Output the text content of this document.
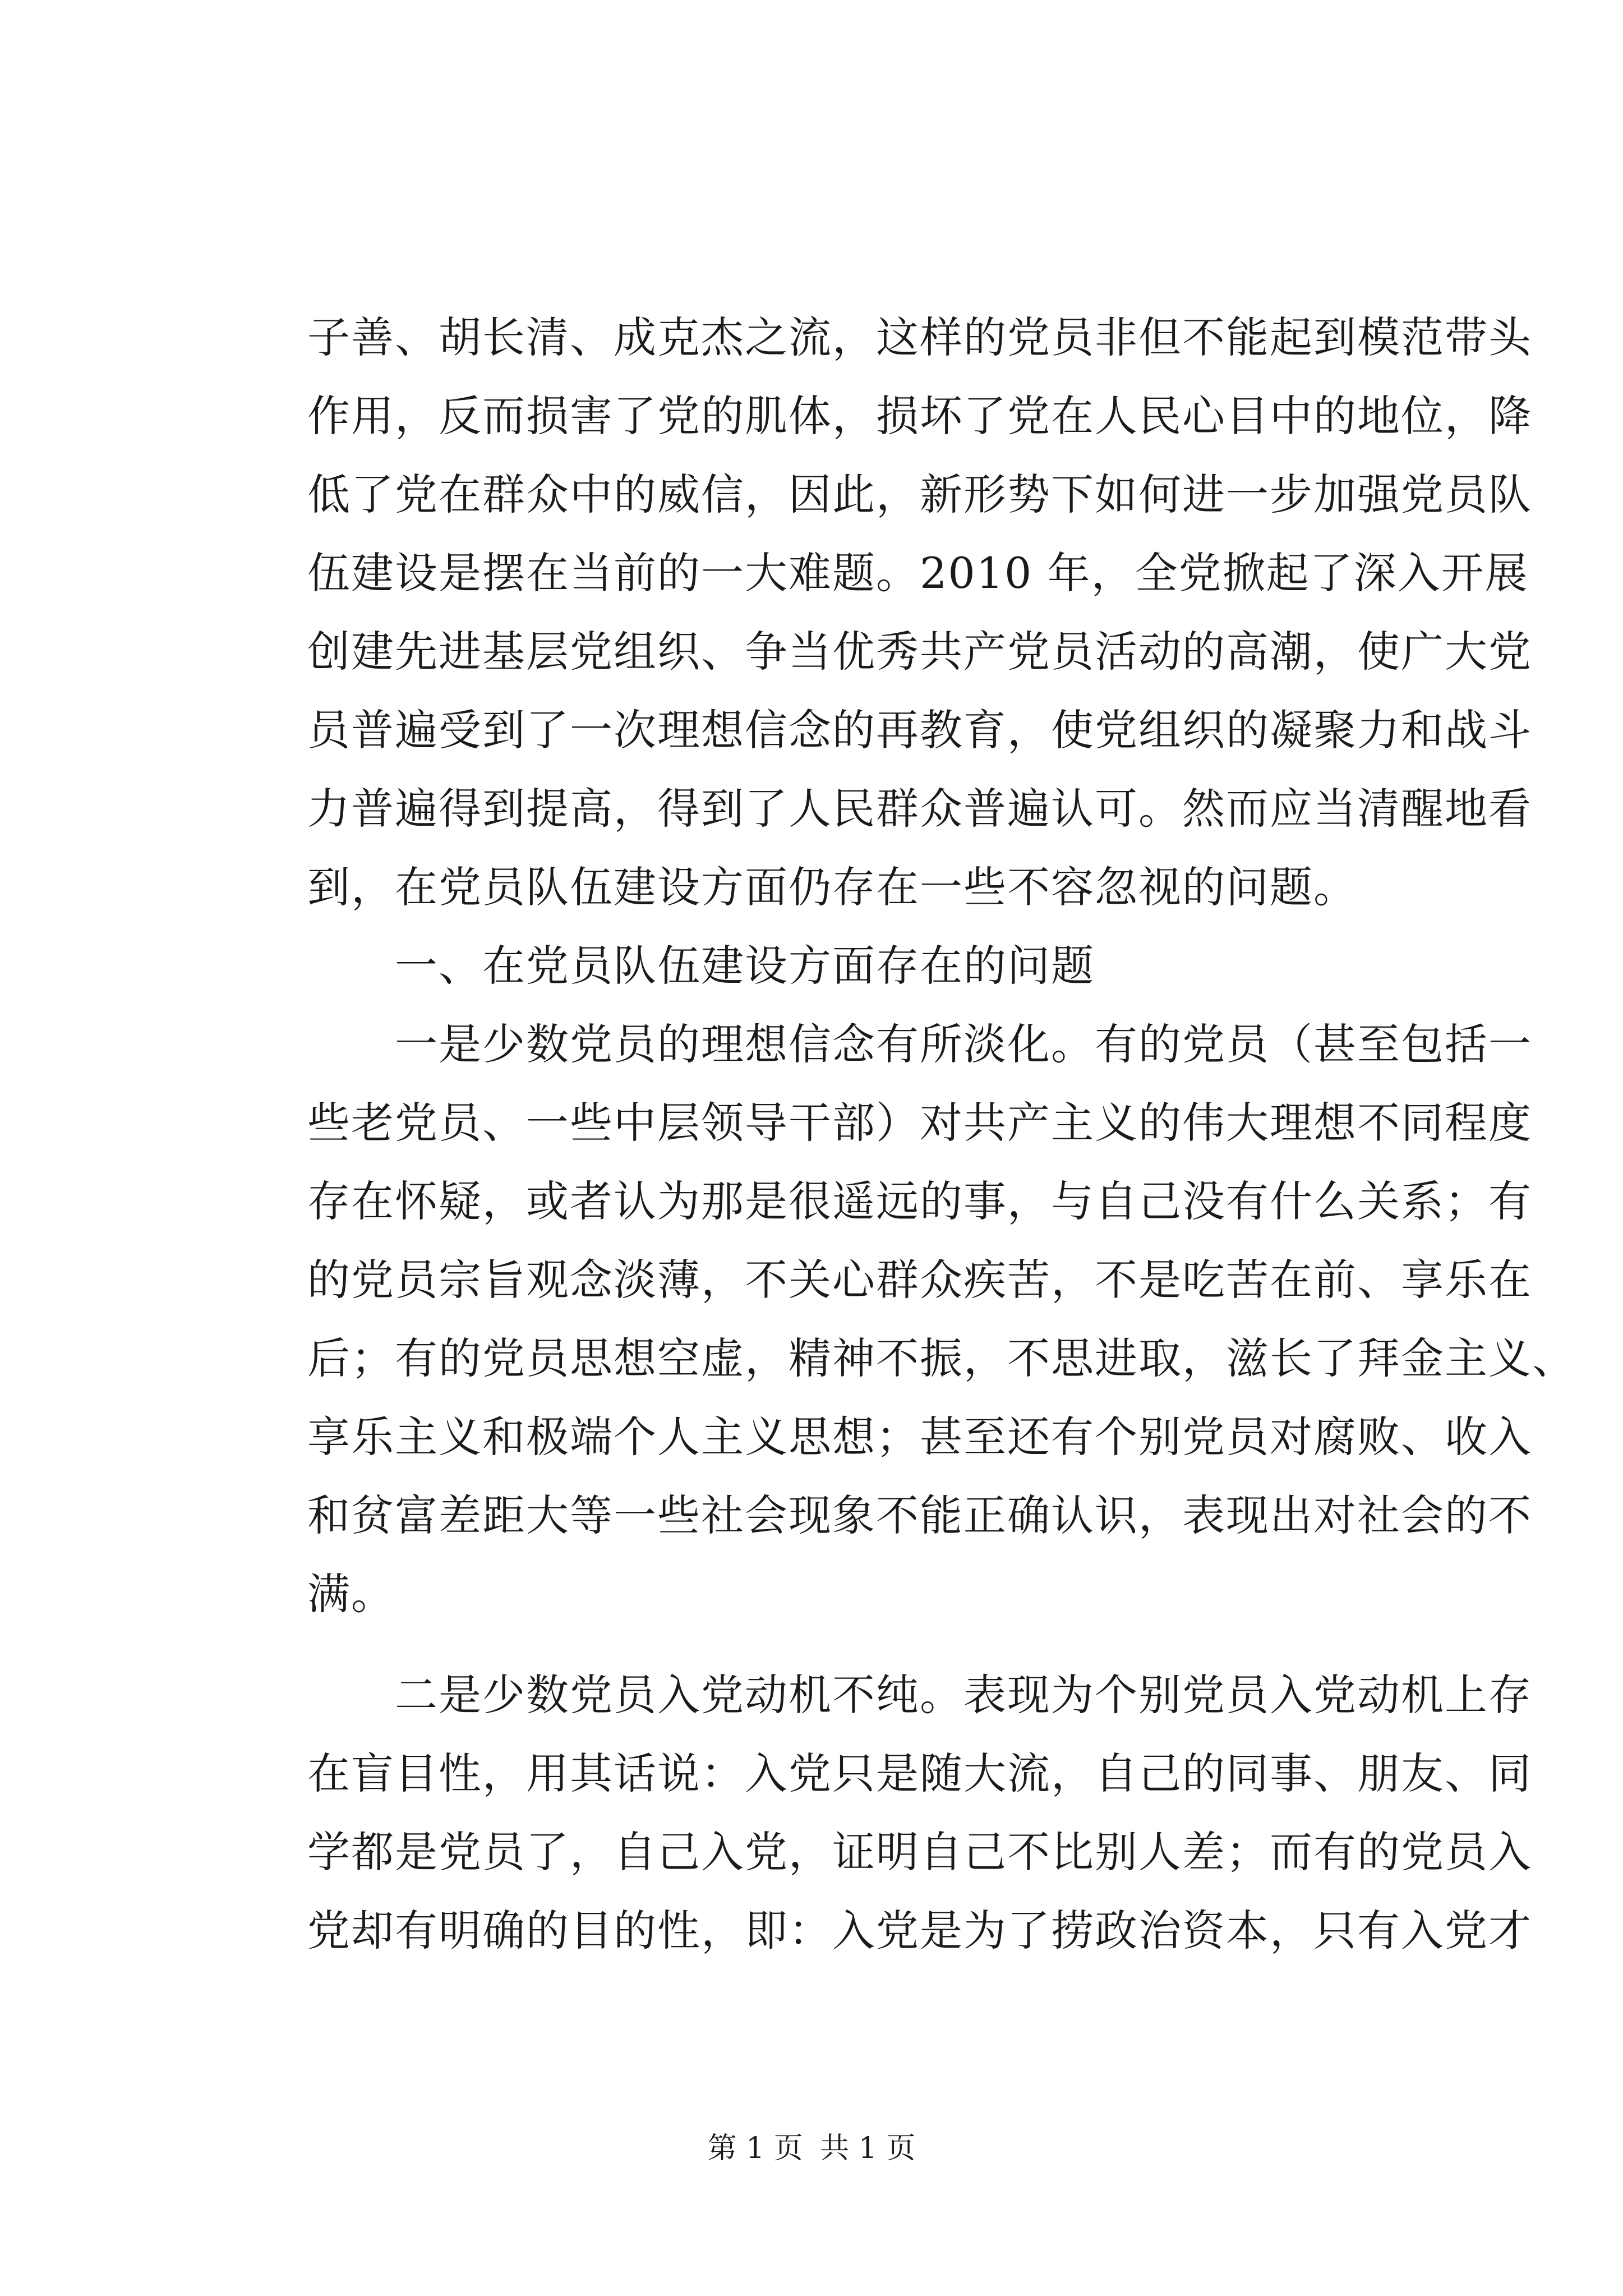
子善、胡长清、成克杰之流，这样的党员非但不能起到模范带头
作用，反而损害了党的肌体，损坏了党在人民心目中的地位，降
低了党在群众中的威信，因此，新形势下如何进一步加强党员队
伍建设是摆在当前的一大难题。2010 年，全党掀起了深入开展
创建先进基层党组织、争当优秀共产党员活动的高潮，使广大党
员普遍受到了一次理想信念的再教育，使党组织的凝聚力和战斗
力普遍得到提高，得到了人民群众普遍认可。然而应当清醒地看
到，在党员队伍建设方面仍存在一些不容忽视的问题。
　　一、在党员队伍建设方面存在的问题
　　一是少数党员的理想信念有所淡化。有的党员（甚至包括一
些老党员、一些中层领导干部）对共产主义的伟大理想不同程度
存在怀疑，或者认为那是很遥远的事，与自己没有什么关系；有
的党员宗旨观念淡薄，不关心群众疾苦，不是吃苦在前、享乐在
后；有的党员思想空虚，精神不振，不思进取，滋长了拜金主义、
享乐主义和极端个人主义思想；甚至还有个别党员对腐败、收入
和贫富差距大等一些社会现象不能正确认识，表现出对社会的不
满。
　　二是少数党员入党动机不纯。表现为个别党员入党动机上存
在盲目性，用其话说：入党只是随大流，自己的同事、朋友、同
学都是党员了，自己入党，证明自己不比别人差；而有的党员入
党却有明确的目的性，即：入党是为了捞政治资本，只有入党才
第 1 页 共 1 页
